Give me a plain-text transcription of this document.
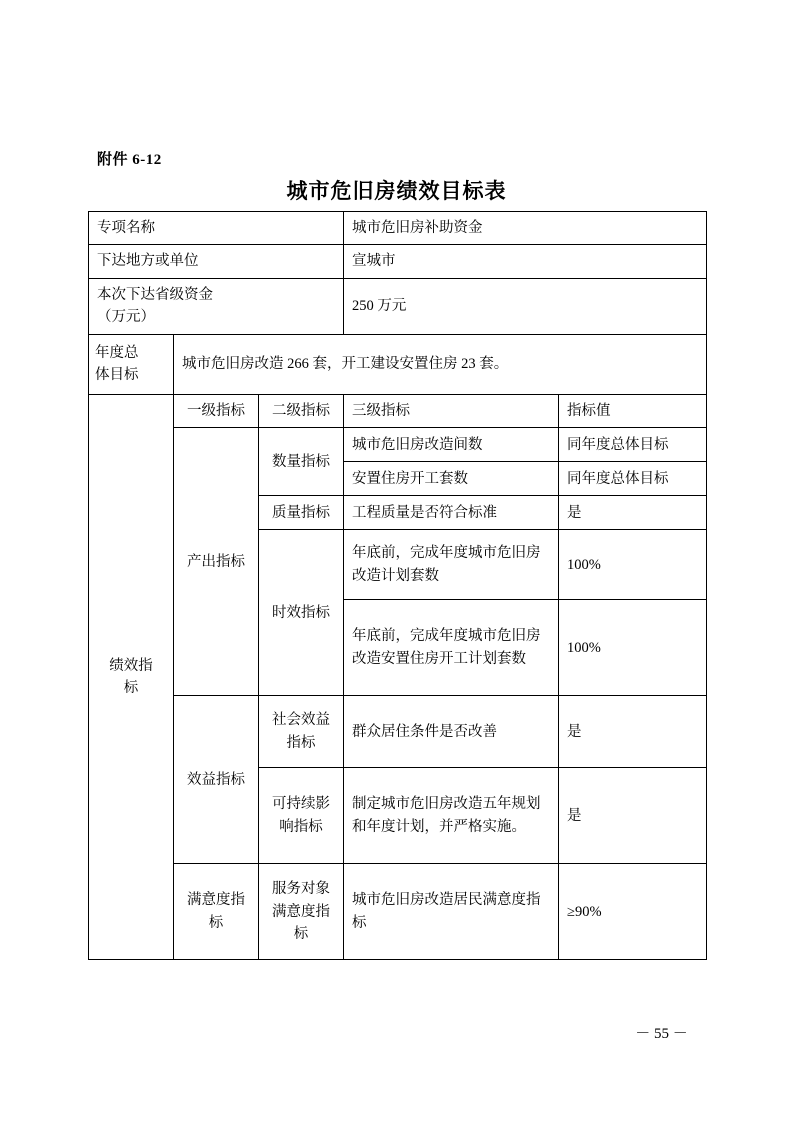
附件 6-12
城市危旧房绩效目标表
专项名称			城市危旧房补助资金	
下达地方或单位			宣城市	

本次下达省级资金
（万元）			250 万元	

年度总
体目标	城市危旧房改造 266 套，开工建设安置住房 23 套。			

绩效指
标	一级指标	二级指标	三级指标	指标值
	产出指标	数量指标	城市危旧房改造间数	同年度总体目标
			安置住房开工套数	同年度总体目标
		质量指标	工程质量是否符合标准	是
		时效指标	年底前，完成年度城市危旧房改造计划套数	100%
			年底前，完成年度城市危旧房改造安置住房开工计划套数	100%
	效益指标	社会效益指标	群众居住条件是否改善	是
		可持续影响指标	制定城市危旧房改造五年规划和年度计划，并严格实施。	是
	满意度指标	服务对象满意度指标	城市危旧房改造居民满意度指标	≥90%
－ 55 －
